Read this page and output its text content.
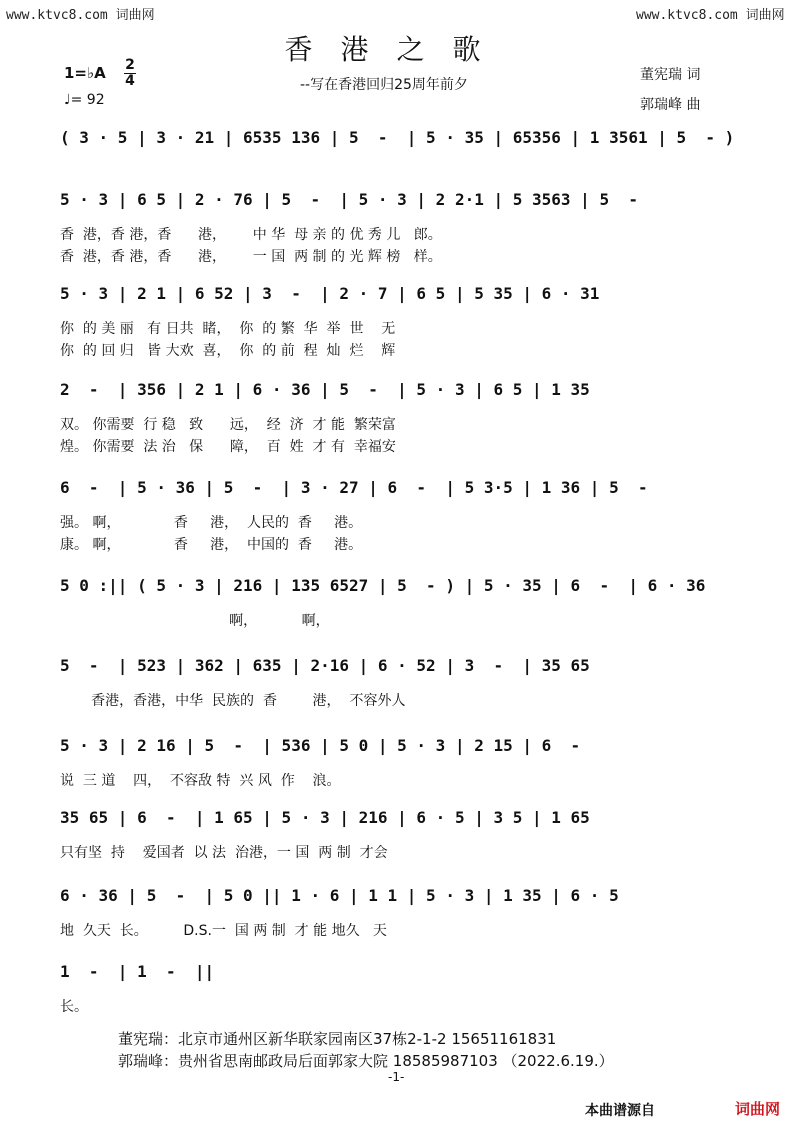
www.ktvc8.com 词曲网	www.ktvc8.com 词曲网
香港之歌
--写在香港回归25周年前夕
董宪瑞 词
郭瑞峰 曲
1=♭A 2
4
♩= 92
( 3 · 5 | 3 · 21 | 6535 136 | 5  -  | 5 · 35 | 65356 | 1 3561 | 5  - )
5 · 3 | 6 5 | 2 · 76 | 5  -  | 5 · 3 | 2 2·1 | 5 3563 | 5  -
香  港，香 港，香      港，      中 华  母 亲 的 优 秀 儿   郎。
香  港，香 港，香      港，      一 国  两 制 的 光 辉 榜   样。
5 · 3 | 2 1 | 6 52 | 3  -  | 2 · 7 | 6 5 | 5 35 | 6 · 31
你  的 美 丽   有 日共  睹，  你  的 繁  华  举  世    无
你  的 回 归   皆 大欢  喜，  你  的 前  程  灿  烂    辉
2  -  | 356 | 2 1 | 6 · 36 | 5  -  | 5 · 3 | 6 5 | 1 35
双。 你需要  行 稳   致      远，  经  济  才 能  繁荣富
煌。 你需要  法 治   保      障，  百  姓  才 有  幸福安
6  -  | 5 · 36 | 5  -  | 3 · 27 | 6  -  | 5 3·5 | 1 36 | 5  -
强。 啊，            香     港，  人民的  香     港。
康。 啊，            香     港，  中国的  香     港。
5 0 :|| ( 5 · 3 | 216 | 135 6527 | 5  - ) | 5 · 35 | 6  -  | 6 · 36
啊，          啊，
5  -  | 523 | 362 | 635 | 2·16 | 6 · 52 | 3  -  | 35 65
香港，香港，中华  民族的  香        港，  不容外人
5 · 3 | 2 16 | 5  -  | 536 | 5 0 | 5 · 3 | 2 15 | 6  -
说  三 道    四，  不容敌 特  兴 风  作    浪。
35 65 | 6  -  | 1 65 | 5 · 3 | 216 | 6 · 5 | 3 5 | 1 65
只有坚  持    爱国者  以 法  治港，一 国  两 制  才会
6 · 36 | 5  -  | 5 0 || 1 · 6 | 1 1 | 5 · 3 | 1 35 | 6 · 5
地  久天  长。        D.S.一  国 两 制  才 能 地久   天
1  -  | 1  -  ||
长。
董宪瑞：北京市通州区新华联家园南区37栋2-1-2 15651161831
郭瑞峰：贵州省思南邮政局后面郭家大院 18585987103 （2022.6.19.）
-1-
本曲谱源自	词曲网
